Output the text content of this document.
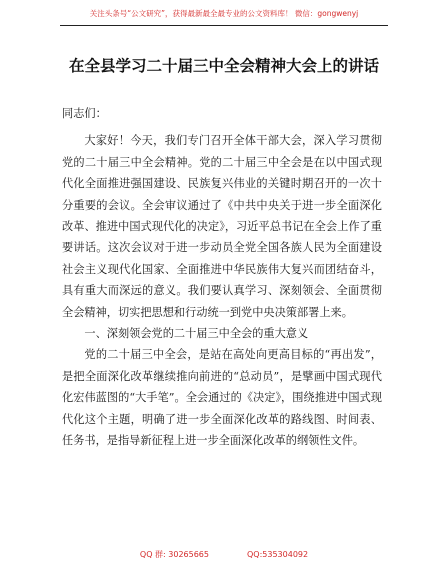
关注头条号“公文研究”，获得最新最全最专业的公文资料库！ 微信：gongwenyj
在全县学习二十届三中全会精神大会上的讲话

同志们：

大家好！今天，我们专门召开全体干部大会，深入学习贯彻党的二十届三中全会精神。党的二十届三中全会是在以中国式现代化全面推进强国建设、民族复兴伟业的关键时期召开的一次十分重要的会议。全会审议通过了《中共中央关于进一步全面深化改革、推进中国式现代化的决定》，习近平总书记在全会上作了重要讲话。这次会议对于进一步动员全党全国各族人民为全面建设社会主义现代化国家、全面推进中华民族伟大复兴而团结奋斗，具有重大而深远的意义。我们要认真学习、深刻领会、全面贯彻全会精神，切实把思想和行动统一到党中央决策部署上来。

一、深刻领会党的二十届三中全会的重大意义

党的二十届三中全会，是站在高处向更高目标的“再出发”，是把全面深化改革继续推向前进的“总动员”，是擘画中国式现代化宏伟蓝图的“大手笔”。全会通过的《决定》，围绕推进中国式现代化这个主题，明确了进一步全面深化改革的路线图、时间表、任务书，是指导新征程上进一步全面深化改革的纲领性文件。

QQ 群: 30265665	QQ:535304092
